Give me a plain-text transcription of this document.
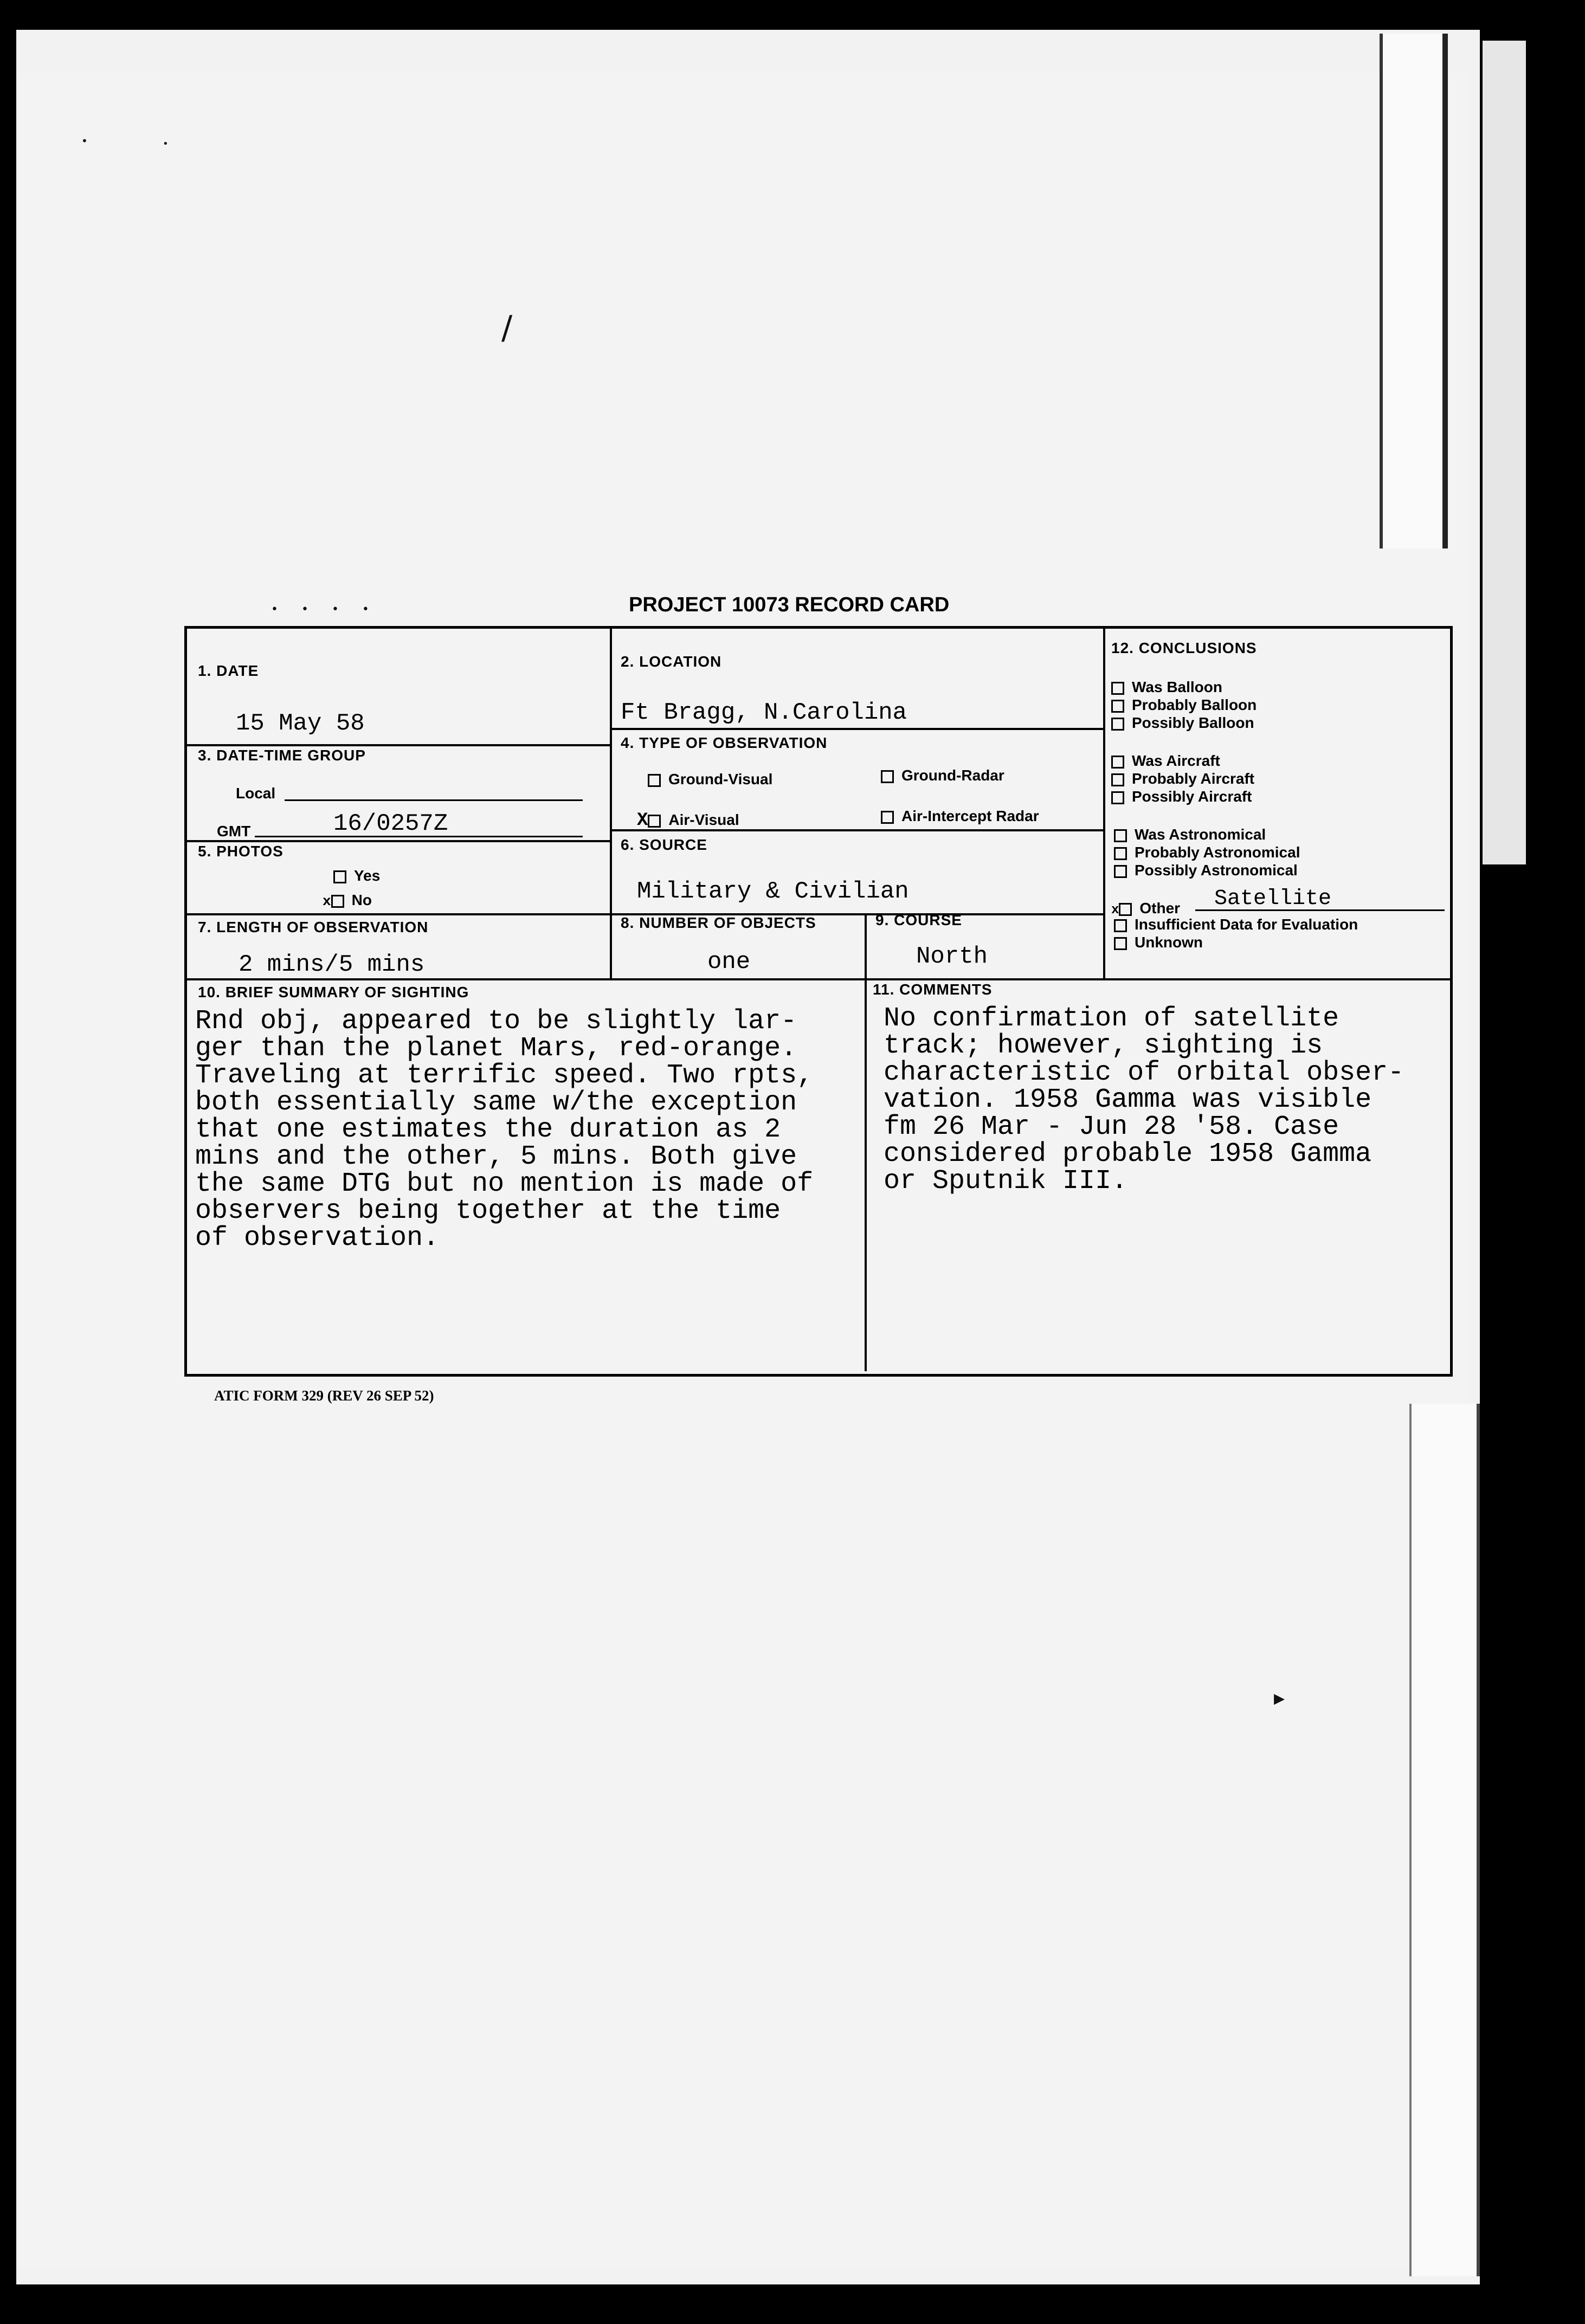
•	•
/
▸
• • • •	PROJECT 10073 RECORD CARD
1. DATE
15 May 58
2. LOCATION
Ft Bragg, N.Carolina
3. DATE-TIME GROUP
Local
GMT	16/0257Z
4. TYPE OF OBSERVATION
Ground-Visual	Ground-Radar
X Air-Visual	Air-Intercept Radar
5. PHOTOS
Yes
x No
6. SOURCE
Military & Civilian
7. LENGTH OF OBSERVATION
2 mins/5 mins
8. NUMBER OF OBJECTS
one
9. COURSE
North
12. CONCLUSIONS
Was Balloon
Probably Balloon
Possibly Balloon
Was Aircraft
Probably Aircraft
Possibly Aircraft
Was Astronomical
Probably Astronomical
Possibly Astronomical
x Other Satellite
Insufficient Data for Evaluation
Unknown
10. BRIEF SUMMARY OF SIGHTING
Rnd obj, appeared to be slightly lar-
ger than the planet Mars, red-orange.
Traveling at terrific speed. Two rpts,
both essentially same w/the exception
that one estimates the duration as 2
mins and the other, 5 mins. Both give
the same DTG but no mention is made of
observers being together at the time
of observation.
11. COMMENTS
No confirmation of satellite
track; however, sighting is
characteristic of orbital obser-
vation. 1958 Gamma was visible
fm 26 Mar - Jun 28 '58. Case
considered probable 1958 Gamma
or Sputnik III.
ATIC FORM 329 (REV 26 SEP 52)
